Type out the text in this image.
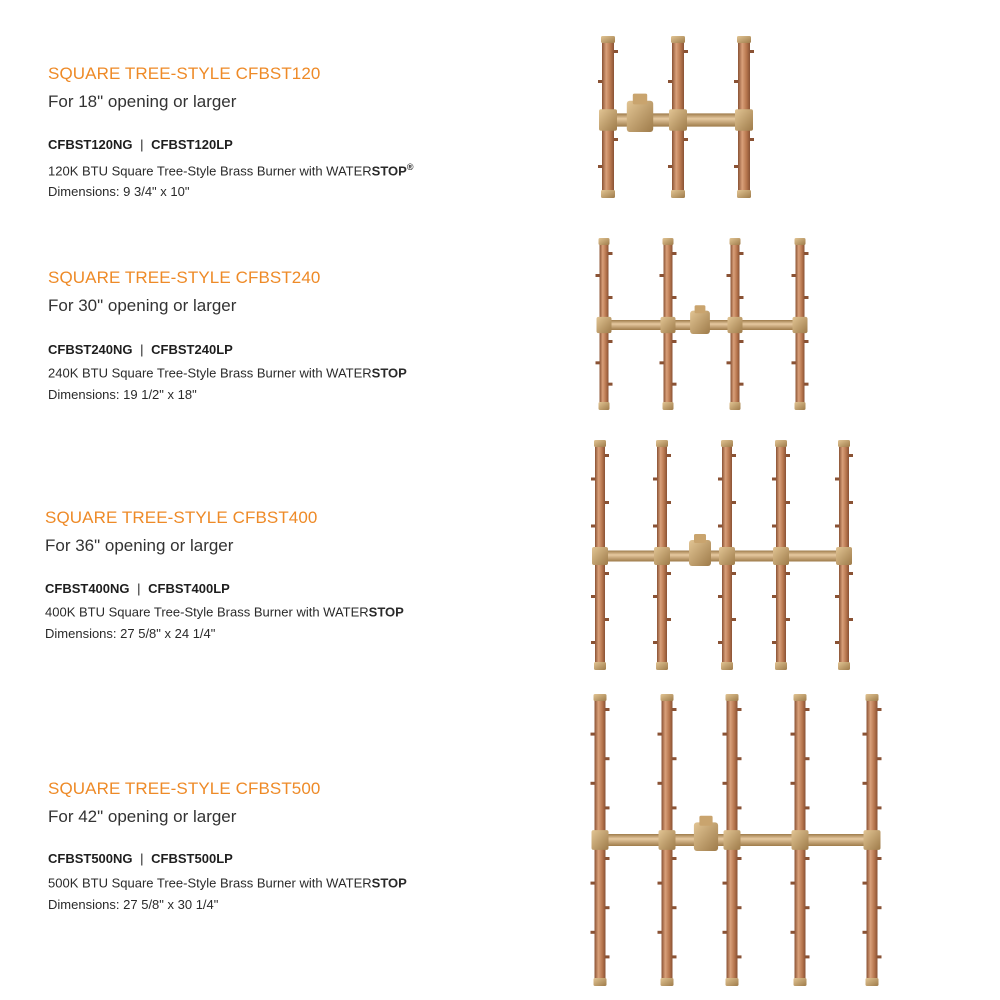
SQUARE TREE-STYLE CFBST120
For 18" opening or larger
CFBST120NG | CFBST120LP
120K BTU Square Tree-Style Brass Burner with WATERSTOP®
Dimensions: 9 3/4" x 10"
SQUARE TREE-STYLE CFBST240
For 30" opening or larger
CFBST240NG | CFBST240LP
240K BTU Square Tree-Style Brass Burner with WATERSTOP
Dimensions: 19 1/2" x 18"
SQUARE TREE-STYLE CFBST400
For 36" opening or larger
CFBST400NG | CFBST400LP
400K BTU Square Tree-Style Brass Burner with WATERSTOP
Dimensions: 27 5/8" x 24 1/4"
SQUARE TREE-STYLE CFBST500
For 42" opening or larger
CFBST500NG | CFBST500LP
500K BTU Square Tree-Style Brass Burner with WATERSTOP
Dimensions: 27 5/8" x 30 1/4"
